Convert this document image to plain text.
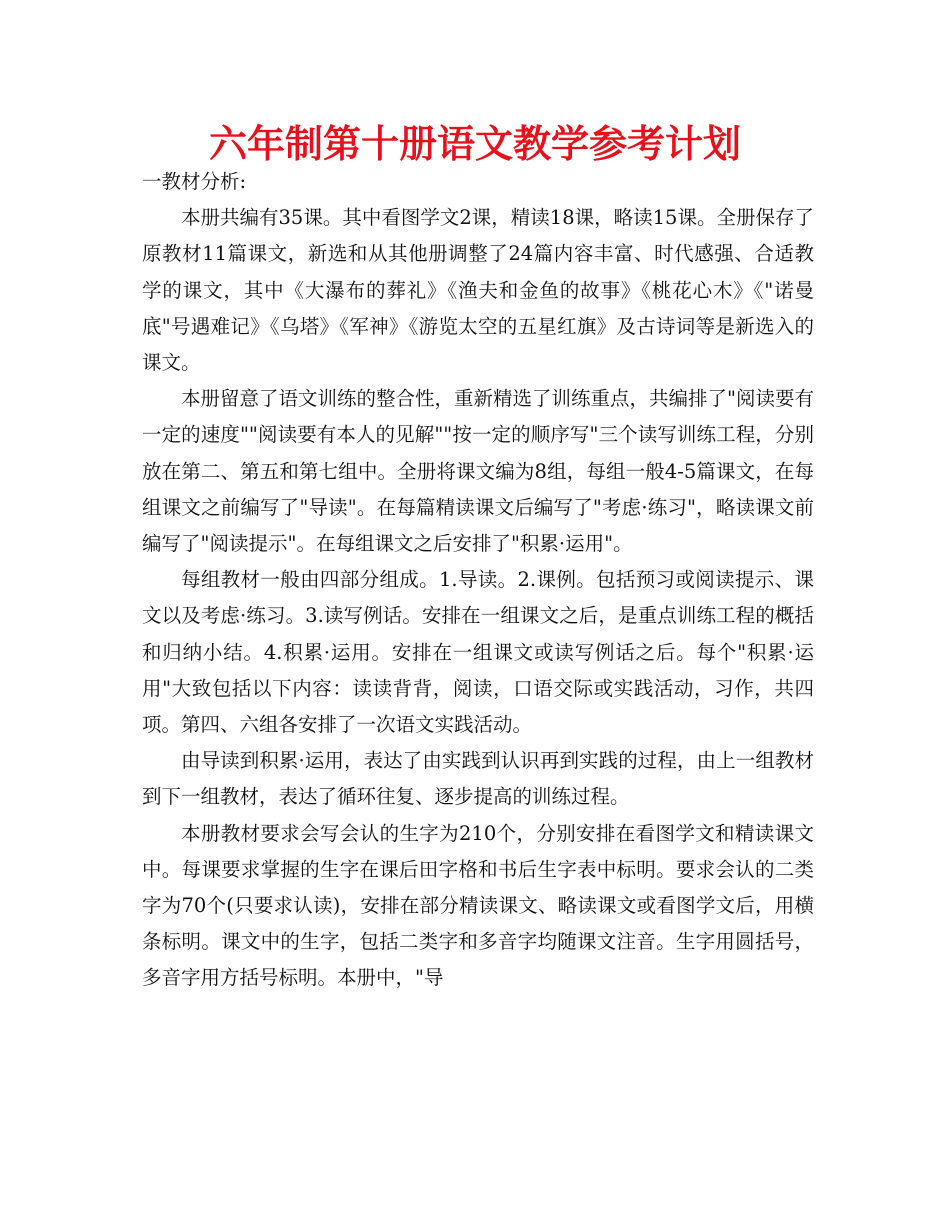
六年制第十册语文教学参考计划

一教材分析:

本册共编有35课。其中看图学文2课，精读18课，略读15课。全册保存了原教材11篇课文，新选和从其他册调整了24篇内容丰富、时代感强、合适教学的课文，其中《大瀑布的葬礼》《渔夫和金鱼的故事》《桃花心木》《"诺曼底"号遇难记》《乌塔》《军神》《游览太空的五星红旗》及古诗词等是新选入的课文。

本册留意了语文训练的整合性，重新精选了训练重点，共编排了"阅读要有一定的速度""阅读要有本人的见解""按一定的顺序写"三个读写训练工程，分别放在第二、第五和第七组中。全册将课文编为8组，每组一般4-5篇课文，在每组课文之前编写了"导读"。在每篇精读课文后编写了"考虑·练习"，略读课文前编写了"阅读提示"。在每组课文之后安排了"积累·运用"。

每组教材一般由四部分组成。1.导读。2.课例。包括预习或阅读提示、课文以及考虑·练习。3.读写例话。安排在一组课文之后，是重点训练工程的概括和归纳小结。4.积累·运用。安排在一组课文或读写例话之后。每个"积累·运用"大致包括以下内容：读读背背，阅读，口语交际或实践活动，习作，共四项。第四、六组各安排了一次语文实践活动。

由导读到积累·运用，表达了由实践到认识再到实践的过程，由上一组教材到下一组教材，表达了循环往复、逐步提高的训练过程。

本册教材要求会写会认的生字为210个，分别安排在看图学文和精读课文中。每课要求掌握的生字在课后田字格和书后生字表中标明。要求会认的二类字为70个(只要求认读)，安排在部分精读课文、略读课文或看图学文后，用横条标明。课文中的生字，包括二类字和多音字均随课文注音。生字用圆括号，多音字用方括号标明。本册中，"导
